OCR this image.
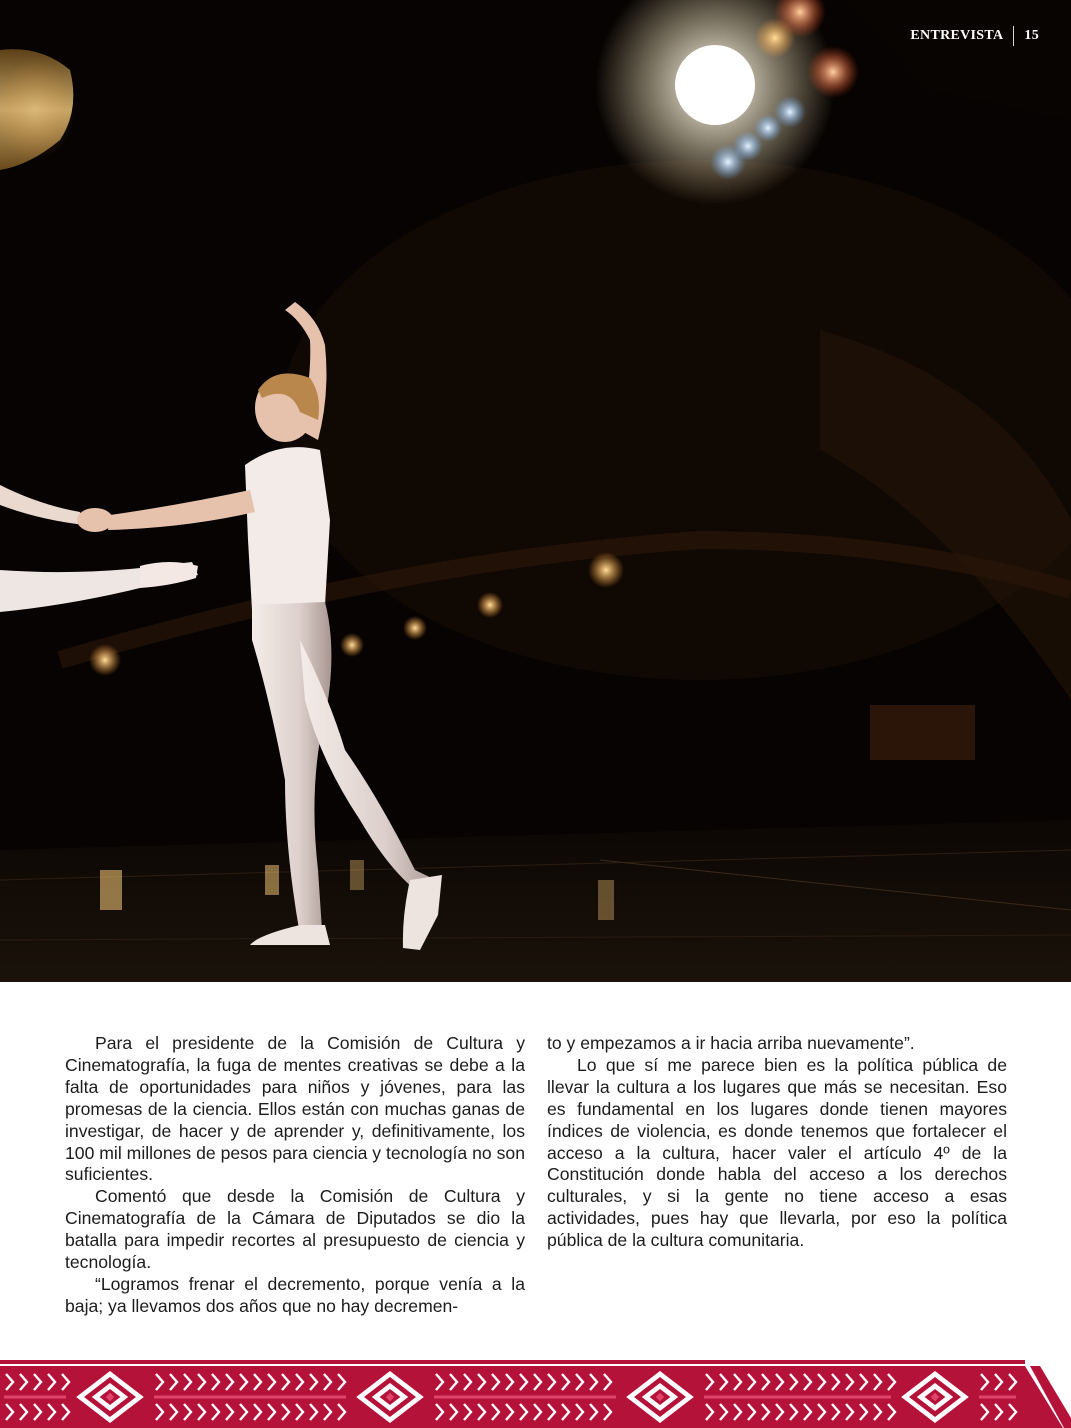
ENTREVISTA 15

Para el presidente de la Comisión de Cultura y Cinematografía, la fuga de mentes creativas se debe a la falta de oportunidades para niños y jóvenes, para las promesas de la ciencia. Ellos están con muchas ganas de investigar, de hacer y de aprender y, definitivamente, los 100 mil millones de pesos para ciencia y tecnología no son suficientes.

Comentó que desde la Comisión de Cultura y Cinematografía de la Cámara de Diputados se dio la batalla para impedir recortes al presupuesto de ciencia y tecnología.

“Logramos frenar el decremento, porque venía a la baja; ya llevamos dos años que no hay decremen-

to y empezamos a ir hacia arriba nuevamente”.

Lo que sí me parece bien es la política pública de llevar la cultura a los lugares que más se necesitan. Eso es fundamental en los lugares donde tienen mayores índices de violencia, es donde tenemos que fortalecer el acceso a la cultura, hacer valer el artículo 4º de la Constitución donde habla del acceso a los derechos culturales, y si la gente no tiene acceso a esas actividades, pues hay que llevarla, por eso la política pública de la cultura comunitaria.
